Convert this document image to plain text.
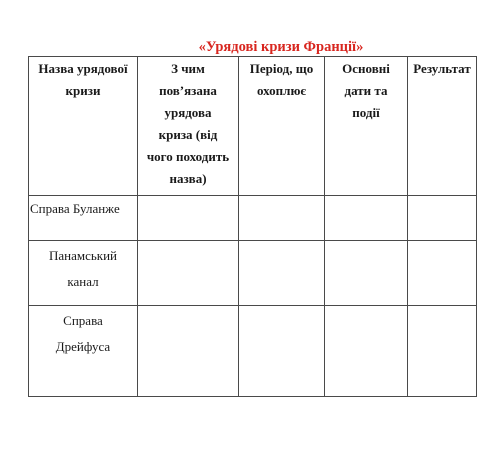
«Урядові кризи Франції»
Назва урядової кризи	З чим пов’язана урядова криза (від чого походить назва)	Період, що охоплює	Основні дати та події	Результат

Справа Буланже				

Панамський канал				

Справа Дрейфуса				
